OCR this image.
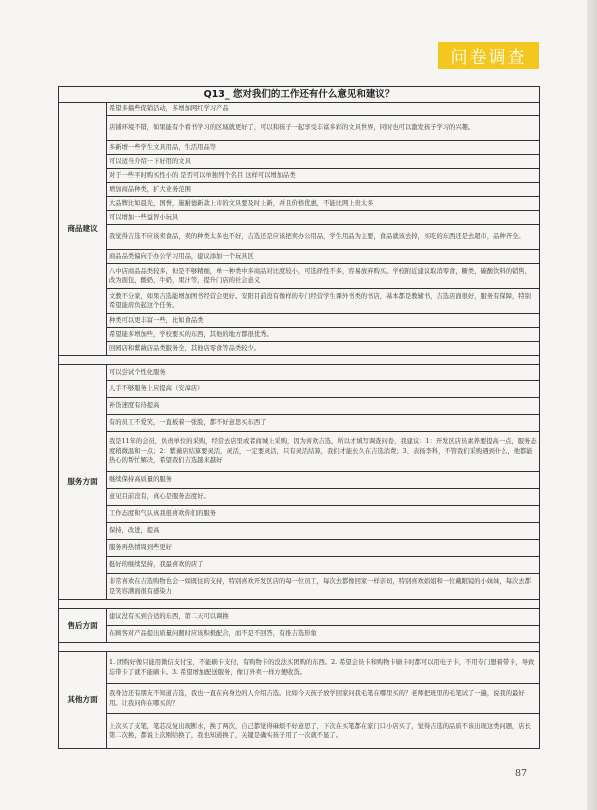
问卷调查
Q13_ 您对我们的工作还有什么意见和建议？	
商品建议	希望多搞些促销活动，多增加网红学习产品
	店铺环境不错，如果能有个看书学习的区域就更好了，可以和孩子一起享受丰富多彩的文具世界，同时也可以激发孩子学习的兴趣。
	多新增一些学生文具用品，生活用品等
	可以适当介绍一下好用的文具
	对于一些平时购买性小的 是否可以单独列个名目 这样可以增加品类
	增加商品种类，扩大业务范围
	大品牌比如晨光，国誉，施耐德新款上市的文具要及时上新，并且价格优惠，不能比网上贵太多
	可以增加一些益智小玩具
	我觉得吉选不应该卖食品，卖的种类太多也不好，吉选还是应该把卖办公用品，学生用品为主要，食品就该去掉，买吃的东西还是去超市，品种齐全。
	商品品类偏向于办公学习用品，建议添加一个玩具区
	八中店商品品类较多，但是不够精细，单一种类中多商品对比度较小，可选择性不多，容易放弃购买。学校附近建议取消零食，糖类，碳酸饮料的销售，改为面包，酸奶，牛奶，果汁等，提升门店的社会意义
	文教不分家，如果吉选能增加图书经营会更好。安阳目前没有像样的专门经营学生课外书类的书店，基本都是教辅书，吉选店面很好，服务有保障，特别希望能肩负起这个任务。
	种类可以更丰富一些，比如食品类
	希望能多增加些，学校要买的东西，其他的地方都很优秀。
	回园店和紫薇店品类服务全，其他店零食等品类较少。

服务方面	可以尝试个性化服务
	人手不够服务上应提高（安漳店）
	补货速度有待提高
	有的员工不爱笑，一直板着一张脸，都不好意思买东西了
	我是11年的会员，负责单位的采购，经常去店里或者商城上采购，因为喜欢吉选，所以才填写调查问卷，我建议：1：开发区店员素养要提高一点，服务态度稍微温和一点；2：紫薇店结算要灵活，灵活，一定要灵活，只有灵活结算，我们才能长久在吉选消费；3、表扬李科，不管我们采购遇到什么，他都能热心的帮忙解决，希望我们吉选越来越好
	继续保持高质量的服务
	意见目前没有，真心是服务态度好。
	工作态度和气认真我很喜欢你们的服务
	保持，改进，提高
	服务再热情周到些更好
	挺好的继续坚持，我最喜欢的店了
	非常喜欢在吉选购物也会一如既往的支持，特别喜欢开发区店的每一位员工，每次去都像回家一样亲切，特别喜欢娟姐和一位戴眼镜的小妹妹，每次去都是笑容满面很有感染力

售后方面	建议没有买到合适的东西，第二天可以调换
	在顾客对产品提出质量问题时应该积极配合，而不是不回答，有推吉选形象

其他方面	1. 团购好像只能用微信支付宝，不能刷卡支付，有购物卡的没法买团购的东西。2. 希望会员卡和购物卡刷卡时都可以用电子卡，不用专门想着带卡，导致忘带卡了就不能刷卡。3. 希望增加配送服务，像订外卖一样方便收货。
	我身边还有朋友不知道吉选，我也一直在向身边的人介绍吉选。比如今天孩子放学回家问我毛笔在哪里买的？老师把班里的毛笔试了一遍，说我的最好用。让我问你在哪买的？
	上次买了支笔，笔芯反复出现断水，换了两次，自己都觉得麻烦不好意思了，下次在买笔都在家门口小店买了，觉得吉选的品质不该出现这类问题，店长第二次换，都说上次刚给换了，我也知道换了，关键是确实孩子用了一次就不显了。
87
